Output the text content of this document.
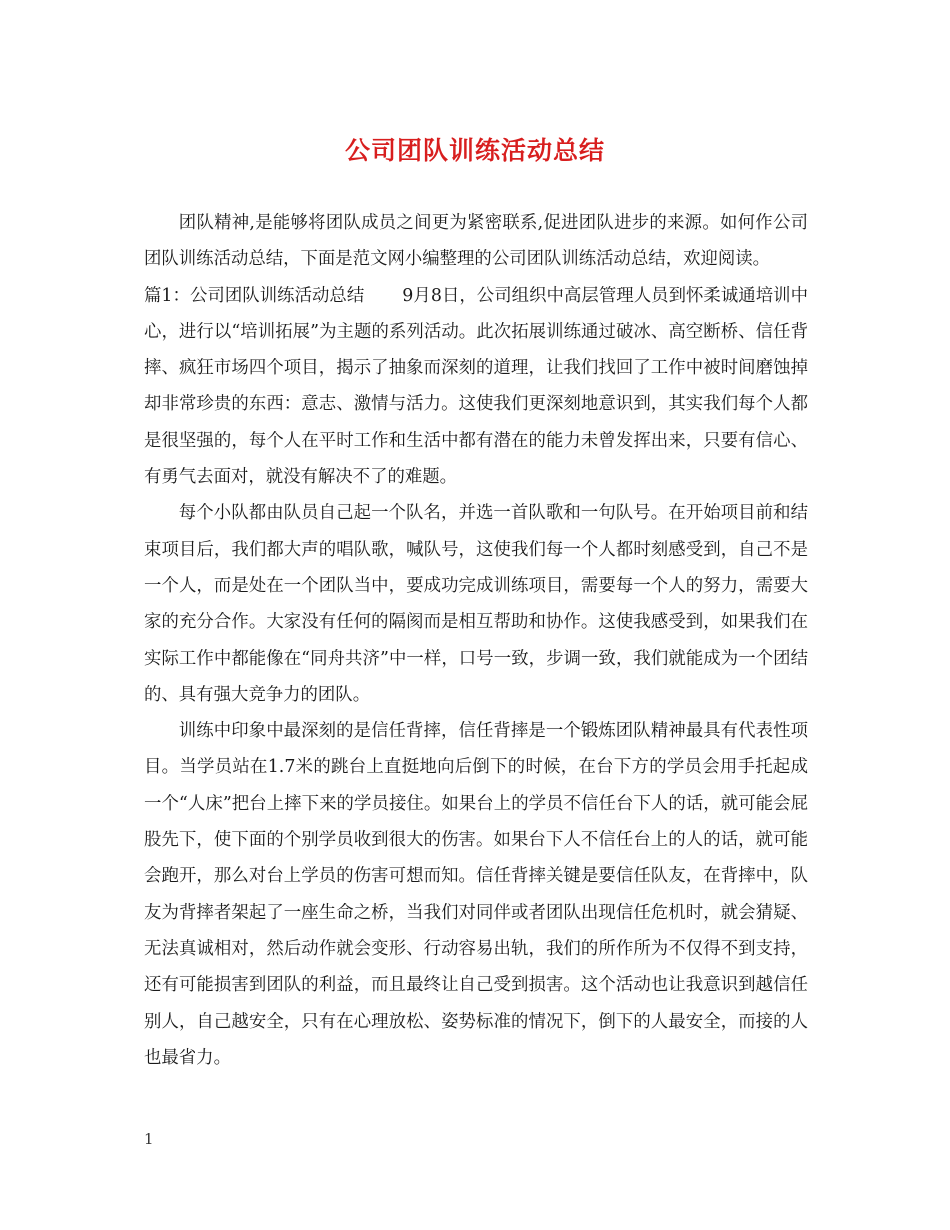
公司团队训练活动总结

团队精神,是能够将团队成员之间更为紧密联系,促进团队进步的来源。如何作公司团队训练活动总结，下面是范文网小编整理的公司团队训练活动总结，欢迎阅读。

篇1：公司团队训练活动总结 9月8日，公司组织中高层管理人员到怀柔诚通培训中心，进行以“培训拓展”为主题的系列活动。此次拓展训练通过破冰、高空断桥、信任背摔、疯狂市场四个项目，揭示了抽象而深刻的道理，让我们找回了工作中被时间磨蚀掉却非常珍贵的东西：意志、激情与活力。这使我们更深刻地意识到，其实我们每个人都是很坚强的，每个人在平时工作和生活中都有潜在的能力未曾发挥出来，只要有信心、有勇气去面对，就没有解决不了的难题。

每个小队都由队员自己起一个队名，并选一首队歌和一句队号。在开始项目前和结束项目后，我们都大声的唱队歌，喊队号，这使我们每一个人都时刻感受到，自己不是一个人，而是处在一个团队当中，要成功完成训练项目，需要每一个人的努力，需要大家的充分合作。大家没有任何的隔阂而是相互帮助和协作。这使我感受到，如果我们在实际工作中都能像在“同舟共济”中一样，口号一致，步调一致，我们就能成为一个团结的、具有强大竞争力的团队。

训练中印象中最深刻的是信任背摔，信任背摔是一个锻炼团队精神最具有代表性项目。当学员站在1.7米的跳台上直挺地向后倒下的时候，在台下方的学员会用手托起成一个“人床”把台上摔下来的学员接住。如果台上的学员不信任台下人的话，就可能会屁股先下，使下面的个别学员收到很大的伤害。如果台下人不信任台上的人的话，就可能会跑开，那么对台上学员的伤害可想而知。信任背摔关键是要信任队友，在背摔中，队友为背摔者架起了一座生命之桥，当我们对同伴或者团队出现信任危机时，就会猜疑、无法真诚相对，然后动作就会变形、行动容易出轨，我们的所作所为不仅得不到支持，还有可能损害到团队的利益，而且最终让自己受到损害。这个活动也让我意识到越信任别人，自己越安全，只有在心理放松、姿势标准的情况下，倒下的人最安全，而接的人也最省力。

1
